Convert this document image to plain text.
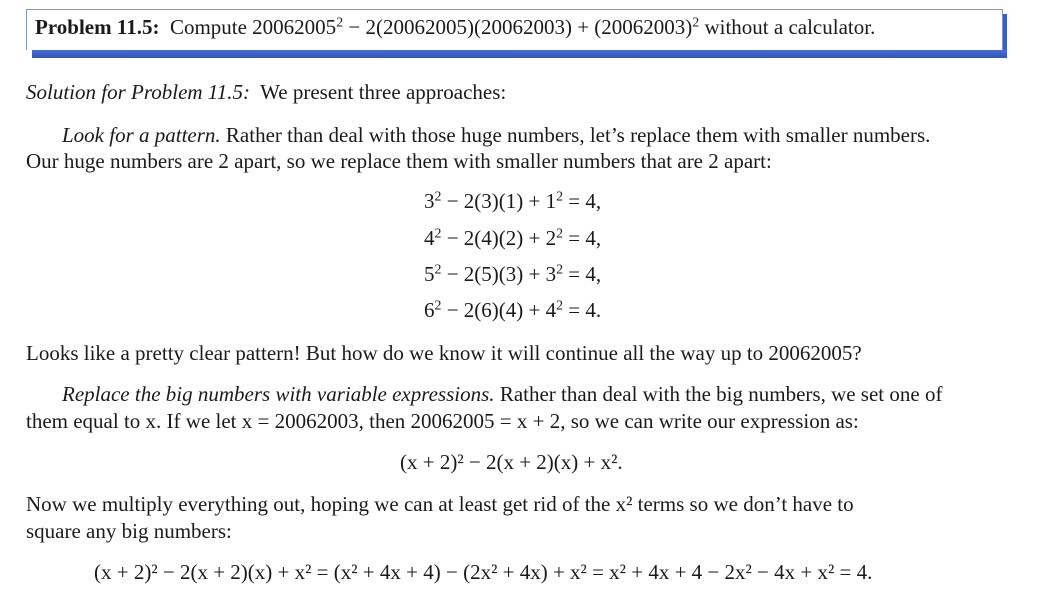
Problem 11.5: Compute $20062005^2 - 2(20062005)(20062003) + (20062003)^2$ without a calculator.
Solution for Problem 11.5: We present three approaches:
Look for a pattern. Rather than deal with those huge numbers, let’s replace them with smaller numbers.
Our huge numbers are 2 apart, so we replace them with smaller numbers that are 2 apart:
$3^2 - 2(3)(1) + 1^2 = 4$,
$4^2 - 2(4)(2) + 2^2 = 4$,
$5^2 - 2(5)(3) + 3^2 = 4$,
$6^2 - 2(6)(4) + 4^2 = 4$.
Looks like a pretty clear pattern! But how do we know it will continue all the way up to 20062005?
Replace the big numbers with variable expressions. Rather than deal with the big numbers, we set one of
them equal to x. If we let x = 20062003, then 20062005 = x + 2, so we can write our expression as:
(x + 2)² − 2(x + 2)(x) + x².
Now we multiply everything out, hoping we can at least get rid of the x² terms so we don’t have to
square any big numbers:
(x + 2)² − 2(x + 2)(x) + x² = (x² + 4x + 4) − (2x² + 4x) + x² = x² + 4x + 4 − 2x² − 4x + x² = 4.
